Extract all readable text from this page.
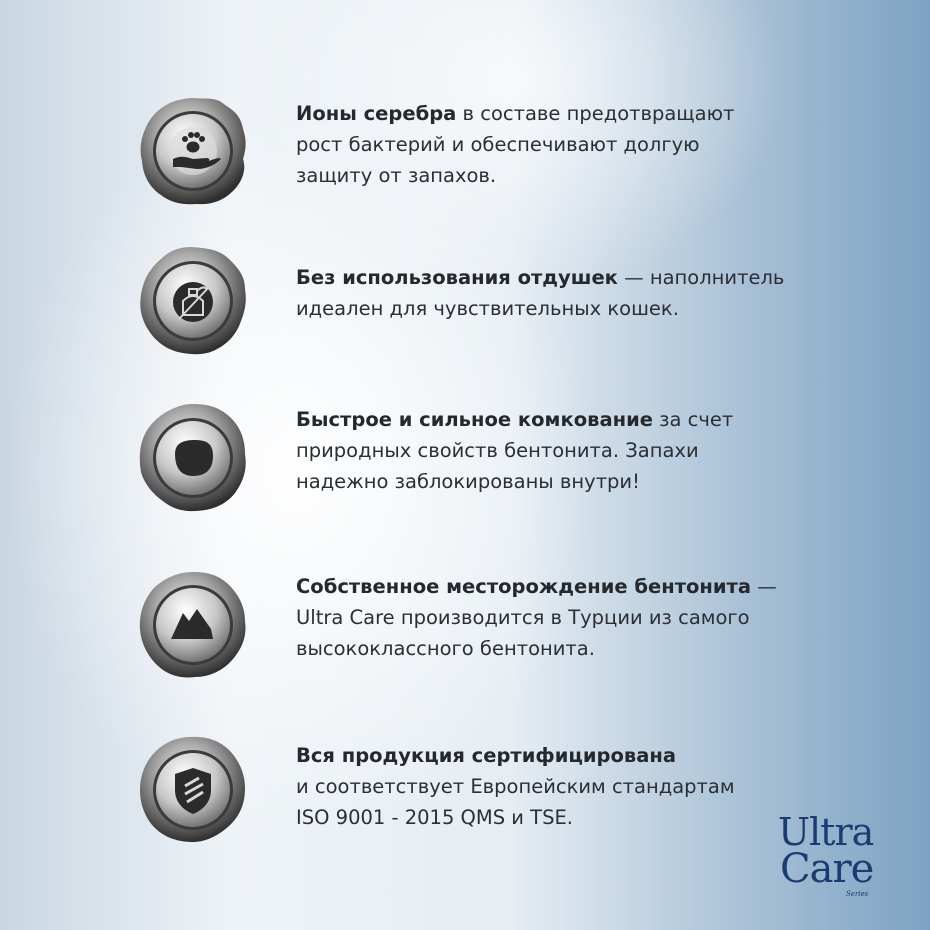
Ионы серебра в составе предотвращают
рост бактерий и обеспечивают долгую
защиту от запахов.
Без использования отдушек — наполнитель
идеален для чувствительных кошек.
Быстрое и сильное комкование за счет
природных свойств бентонита. Запахи
надежно заблокированы внутри!
Собственное месторождение бентонита —
Ultra Care производится в Турции из самого
высококлассного бентонита.
Вся продукция сертифицирована
и соответствует Европейским стандартам
ISO 9001 - 2015 QMS и TSE.	Ultra
Care
Series
